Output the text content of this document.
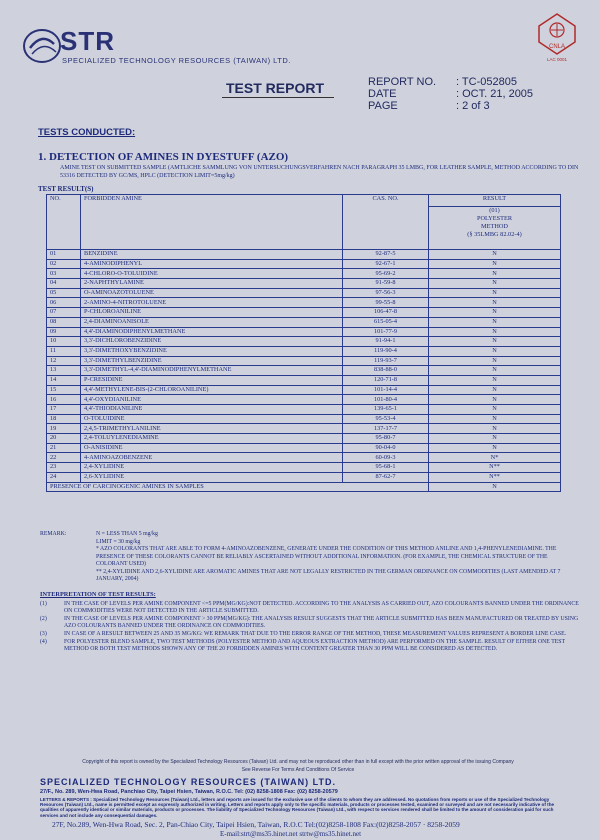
STR
SPECIALIZED TECHNOLOGY RESOURCES (TAIWAN) LTD.
CNLA
LAC 0001
TEST REPORT	REPORT NO.	: TC-052805
DATE	: OCT. 21, 2005
PAGE	: 2 of 3
TESTS CONDUCTED:
1. DETECTION OF AMINES IN DYESTUFF (AZO)
AMINE TEST ON SUBMITTED SAMPLE (AMTLICHE SAMMLUNG VON UNTERSUCHUNGSVERFAHREN NACH PARAGRAPH 35 LMBG, FOR LEATHER SAMPLE, METHOD ACCORDING TO DIN 53316 DETECTED BY GC/MS, HPLC (DETECTION LIMIT=5mg/kg)
TEST RESULT(S)
NO.	FORBIDDEN AMINE	CAS. NO.	RESULT

			(01)
POLYESTER
METHOD
(§ 35LMBG 82.02-4)

01	BENZIDINE	92-87-5	N
02	4-AMINODIPHENYL	92-67-1	N
03	4-CHLORO-O-TOLUIDINE	95-69-2	N
04	2-NAPHTHYLAMINE	91-59-8	N
05	O-AMINOAZOTOLUENE	97-56-3	N
06	2-AMINO-4-NITROTOLUENE	99-55-8	N
07	P-CHLOROANILINE	106-47-8	N
08	2,4-DIAMINOANISOLE	615-05-4	N
09	4,4'-DIAMINODIPHENYLMETHANE	101-77-9	N
10	3,3'-DICHLOROBENZIDINE	91-94-1	N
11	3,3'-DIMETHOXYBENZIDINE	119-90-4	N
12	3,3'-DIMETHYLBENZIDINE	119-93-7	N
13	3,3'-DIMETHYL-4,4'-DIAMINODIPHENYLMETHANE	838-88-0	N
14	P-CRESIDINE	120-71-8	N
15	4,4'-METHYLENE-BIS-(2-CHLOROANILINE)	101-14-4	N
16	4,4'-OXYDIANILINE	101-80-4	N
17	4,4'-THIODIANILINE	139-65-1	N
18	O-TOLUIDINE	95-53-4	N
19	2,4,5-TRIMETHYLANILINE	137-17-7	N
20	2,4-TOLUYLENEDIAMINE	95-80-7	N
21	O-ANISIDINE	90-04-0	N
22	4-AMINOAZOBENZENE	60-09-3	N*
23	2,4-XYLIDINE	95-68-1	N**
24	2,6-XYLIDINE	87-62-7	N**
PRESENCE OF CARCINOGENIC AMINES IN SAMPLES			N
REMARK:	N = LESS THAN 5 mg/kg
LIMIT = 30 mg/kg
* AZO COLORANTS THAT ARE ABLE TO FORM 4-AMINOAZOBENZENE, GENERATE UNDER THE CONDITION OF THIS METHOD ANILINE AND 1,4-PHENYLENEDIAMINE. THE PRESENCE OF THESE COLORANTS CANNOT BE RELIABLY ASCERTAINED WITHOUT ADDITIONAL INFORMATION. (FOR EXAMPLE, THE CHEMICAL STRUCTURE OF THE COLORANT USED)
** 2,4-XYLIDINE AND 2,6-XYLIDINE ARE AROMATIC AMINES THAT ARE NOT LEGALLY RESTRICTED IN THE GERMAN ORDINANCE ON COMMODITIES (LAST AMENDED AT 7 JANUARY, 2004)
INTERPRETATION OF TEST RESULTS:
(1)	IN THE CASE OF LEVELS PER AMINE COMPONENT <=5 PPM(MG/KG):NOT DETECTED. ACCORDING TO THE ANALYSIS AS CARRIED OUT, AZO COLOURANTS BANNED UNDER THE ORDINANCE ON COMMODITIES WERE NOT DETECTED IN THE ARTICLE SUBMITTED.
(2)	IN THE CASE OF LEVELS PER AMINE COMPONENT > 30 PPM(MG/KG): THE ANALYSIS RESULT SUGGESTS THAT THE ARTICLE SUBMITTED HAS BEEN MANUFACTURED OR TREATED BY USING AZO COLOURANTS BANNED UNDER THE ORDINANCE ON COMMODITIES.
(3)	IN CASE OF A RESULT BETWEEN 25 AND 35 MG/KG: WE REMARK THAT DUE TO THE ERROR RANGE OF THE METHOD, THESE MEASUREMENT VALUES REPRESENT A BORDER LINE CASE.
(4)	FOR POLYESTER BLEND SAMPLE, TWO TEST METHODS (POLYESTER METHOD AND AQUEOUS EXTRACTION METHOD) ARE PERFORMED ON THE SAMPLE. RESULT OF EITHER ONE TEST METHOD OR BOTH TEST METHODS SHOWN ANY OF THE 20 FORBIDDEN AMINES WITH CONTENT GREATER THAN 30 PPM WILL BE CONSIDERED AS DETECTED.
Copyright of this report is owned by the Specialized Technology Resources (Taiwan) Ltd. and may not be reproduced other than in full except with the prior written approval of the issuing Company
See Reverse For Terms And Conditions Of Service
SPECIALIZED TECHNOLOGY RESOURCES (TAIWAN) LTD.
27/F., No. 289, Wen-Hwa Road, Panchiao City, Taipei Hsien, Taiwan, R.O.C. Tel: (02) 8258-1808 Fax: (02) 8258-20579
LETTERS & REPORTS : Specialized Technology Resources (Taiwan) Ltd., letters and reports are issued for the exclusive use of the clients to whom they are addressed. No quotations from reports or use of the Specialized Technology Resources (Taiwan) Ltd., name is permitted except as expressly authorized in writing. Letters and reports apply only to the specific materials, products or processes tested, examined or surveyed and are not necessarily indicative of the qualities of apparently identical or similar materials, products or processes. The liability of Specialized Technology Resources (Taiwan) Ltd., with respect to services rendered shall be limited to the amount of consideration paid for such services and not include any consequential damages.
27F, No.289, Wen-Hwa Road, Sec. 2, Pan-Chiao City, Taipei Hsien, Taiwan, R.O.C Tel:(02)8258-1808 Fax:(02)8258-2057 · 8258-2059
E-mail:strt@ms35.hinet.net strtw@ms35.hinet.net
